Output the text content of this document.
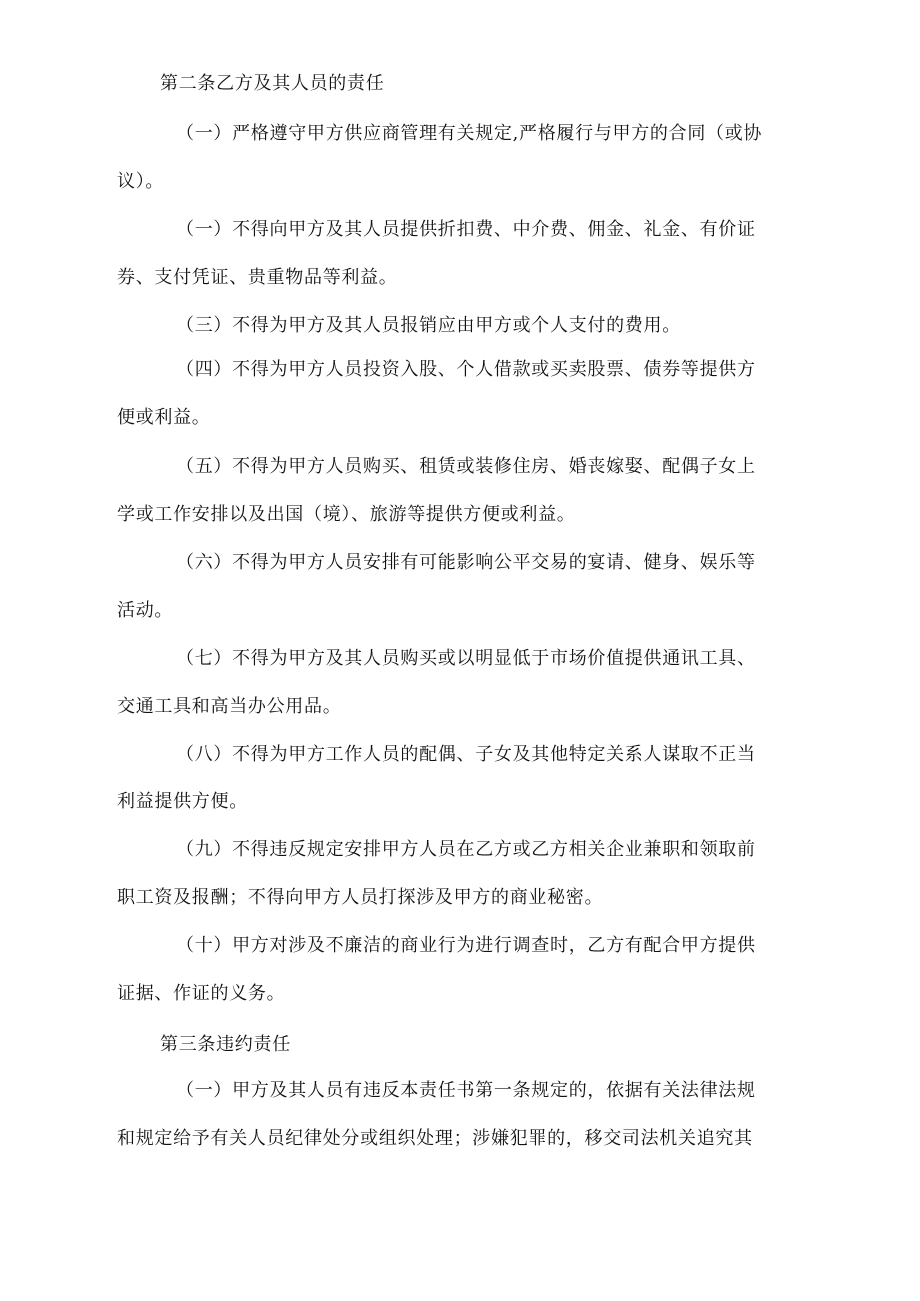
第二条乙方及其人员的责任
（一）严格遵守甲方供应商管理有关规定,严格履行与甲方的合同（或协
议）。
（一）不得向甲方及其人员提供折扣费、中介费、佣金、礼金、有价证
券、支付凭证、贵重物品等利益。
（三）不得为甲方及其人员报销应由甲方或个人支付的费用。
（四）不得为甲方人员投资入股、个人借款或买卖股票、债券等提供方
便或利益。
（五）不得为甲方人员购买、租赁或装修住房、婚丧嫁娶、配偶子女上
学或工作安排以及出国（境）、旅游等提供方便或利益。
（六）不得为甲方人员安排有可能影响公平交易的宴请、健身、娱乐等
活动。
（七）不得为甲方及其人员购买或以明显低于市场价值提供通讯工具、
交通工具和高当办公用品。
（八）不得为甲方工作人员的配偶、子女及其他特定关系人谋取不正当
利益提供方便。
（九）不得违反规定安排甲方人员在乙方或乙方相关企业兼职和领取前
职工资及报酬；不得向甲方人员打探涉及甲方的商业秘密。
（十）甲方对涉及不廉洁的商业行为进行调查时，乙方有配合甲方提供
证据、作证的义务。
第三条违约责任
（一）甲方及其人员有违反本责任书第一条规定的，依据有关法律法规
和规定给予有关人员纪律处分或组织处理；涉嫌犯罪的，移交司法机关追究其
